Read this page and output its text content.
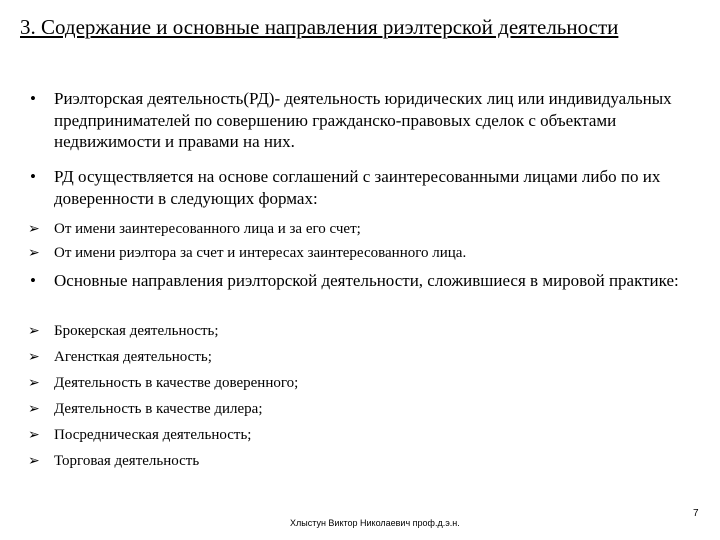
3. Содержание и основные направления риэлтерской деятельности
•	Риэлторская деятельность(РД)- деятельность юридических лиц или индивидуальных предпринимателей по совершению гражданско-правовых сделок с объектами недвижимости и правами на них.
•	РД осуществляется на основе соглашений с заинтересованными лицами либо по их доверенности в следующих формах:
➢ От имени заинтересованного лица и за его счет;
➢ От имени риэлтора за счет и интересах заинтересованного лица.
•	Основные направления риэлторской деятельности, сложившиеся в мировой практике:
➢ Брокерская деятельность;
➢ Агенсткая деятельность;
➢ Деятельность в качестве доверенного;
➢ Деятельность в качестве дилера;
➢ Посредническая деятельность;
➢ Торговая деятельность
Хлыстун Виктор Николаевич проф.д.э.н.
7
